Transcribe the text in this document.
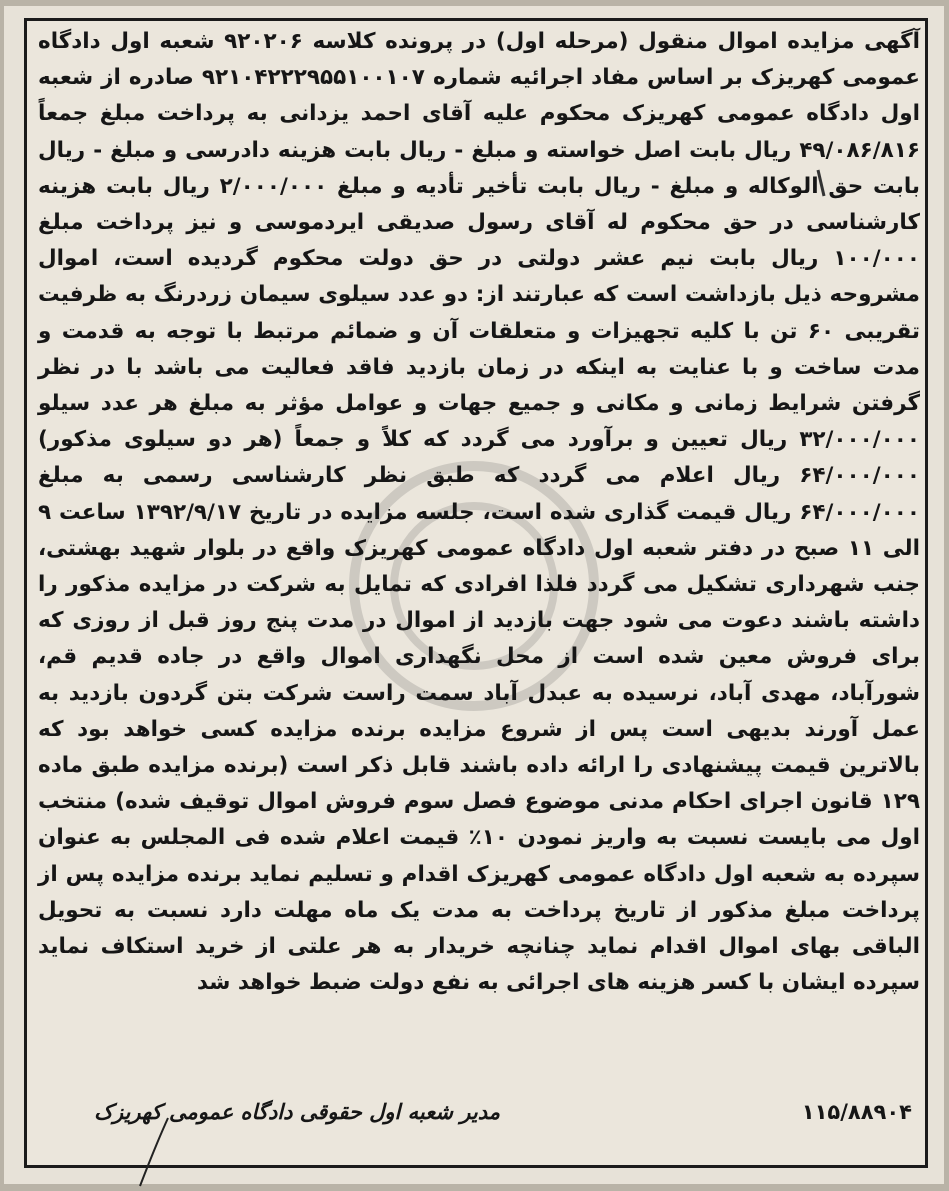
آگهی مزایده اموال منقول (مرحله اول) در پرونده کلاسه ۹۲۰۲۰۶ شعبه اول دادگاه عمومی کهریزک بر اساس مفاد اجرائیه شماره ۹۲۱۰۴۲۲۲۹۵۵۱۰۰۱۰۷ صادره از شعبه اول دادگاه عمومی کهریزک محکوم علیه آقای احمد یزدانی به پرداخت مبلغ جمعاً ۴۹/۰۸۶/۸۱۶ ریال بابت اصل خواسته و مبلغ - ریال بابت هزینه دادرسی و مبلغ - ریال بابت حق الوکاله و مبلغ - ریال بابت تأخیر تأدیه و مبلغ ۲/۰۰۰/۰۰۰ ریال بابت هزینه کارشناسی در حق محکوم له آقای رسول صدیقی ایردموسی و نیز پرداخت مبلغ ۱۰۰/۰۰۰ ریال بابت نیم عشر دولتی در حق دولت محکوم گردیده است، اموال مشروحه ذیل بازداشت است که عبارتند از: دو عدد سیلوی سیمان زردرنگ به ظرفیت تقریبی ۶۰ تن با کلیه تجهیزات و متعلقات آن و ضمائم مرتبط با توجه به قدمت و مدت ساخت و با عنایت به اینکه در زمان بازدید فاقد فعالیت می باشد با در نظر گرفتن شرایط زمانی و مکانی و جمیع جهات و عوامل مؤثر به مبلغ هر عدد سیلو ۳۲/۰۰۰/۰۰۰ ریال تعیین و برآورد می گردد که کلاً و جمعاً (هر دو سیلوی مذکور) ۶۴/۰۰۰/۰۰۰ ریال اعلام می گردد که طبق نظر کارشناسی رسمی به مبلغ ۶۴/۰۰۰/۰۰۰ ریال قیمت گذاری شده است، جلسه مزایده در تاریخ ۱۳۹۲/۹/۱۷ ساعت ۹ الی ۱۱ صبح در دفتر شعبه اول دادگاه عمومی کهریزک واقع در بلوار شهید بهشتی، جنب شهرداری تشکیل می گردد فلذا افرادی که تمایل به شرکت در مزایده مذکور را داشته باشند دعوت می شود جهت بازدید از اموال در مدت پنج روز قبل از روزی که برای فروش معین شده است از محل نگهداری اموال واقع در جاده قدیم قم، شورآباد، مهدی آباد، نرسیده به عبدل آباد سمت راست شرکت بتن گردون بازدید به عمل آورند بدیهی است پس از شروع مزایده برنده مزایده کسی خواهد بود که بالاترین قیمت پیشنهادی را ارائه داده باشند قابل ذکر است (برنده مزایده طبق ماده ۱۲۹ قانون اجرای احکام مدنی موضوع فصل سوم فروش اموال توقیف شده) منتخب اول می بایست نسبت به واریز نمودن ۱۰٪ قیمت اعلام شده فی المجلس به عنوان سپرده به شعبه اول دادگاه عمومی کهریزک اقدام و تسلیم نماید برنده مزایده پس از پرداخت مبلغ مذکور از تاریخ پرداخت به مدت یک ماه مهلت دارد نسبت به تحویل الباقی بهای اموال اقدام نماید چنانچه خریدار به هر علتی از خرید استکاف نماید سپرده ایشان با کسر هزینه های اجرائی به نفع دولت ضبط خواهد شد

مدیر شعبه اول حقوقی دادگاه عمومی کهریزک	۱۱۵/۸۸۹۰۴
